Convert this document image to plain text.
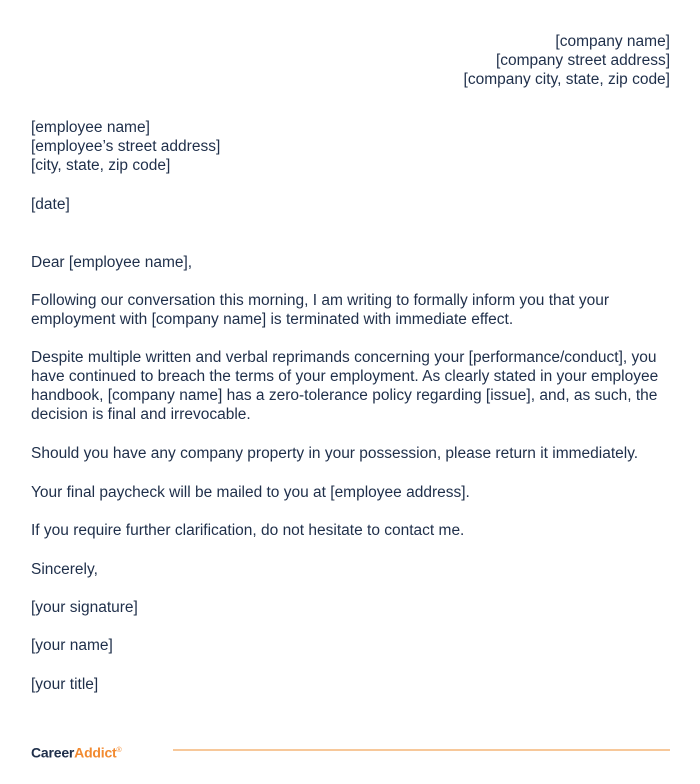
[company name]
[company street address]
[company city, state, zip code]
[employee name]
[employee’s street address]
[city, state, zip code]
[date]
Dear [employee name],
Following our conversation this morning, I am writing to formally inform you that your employment with [company name] is terminated with immediate effect.
Despite multiple written and verbal reprimands concerning your [performance/conduct], you have continued to breach the terms of your employment. As clearly stated in your employee handbook, [company name] has a zero-tolerance policy regarding [issue], and, as such, the decision is final and irrevocable.
Should you have any company property in your possession, please return it immediately.
Your final paycheck will be mailed to you at [employee address].
If you require further clarification, do not hesitate to contact me.
Sincerely,
[your signature]
[your name]
[your title]
CareerAddict®
